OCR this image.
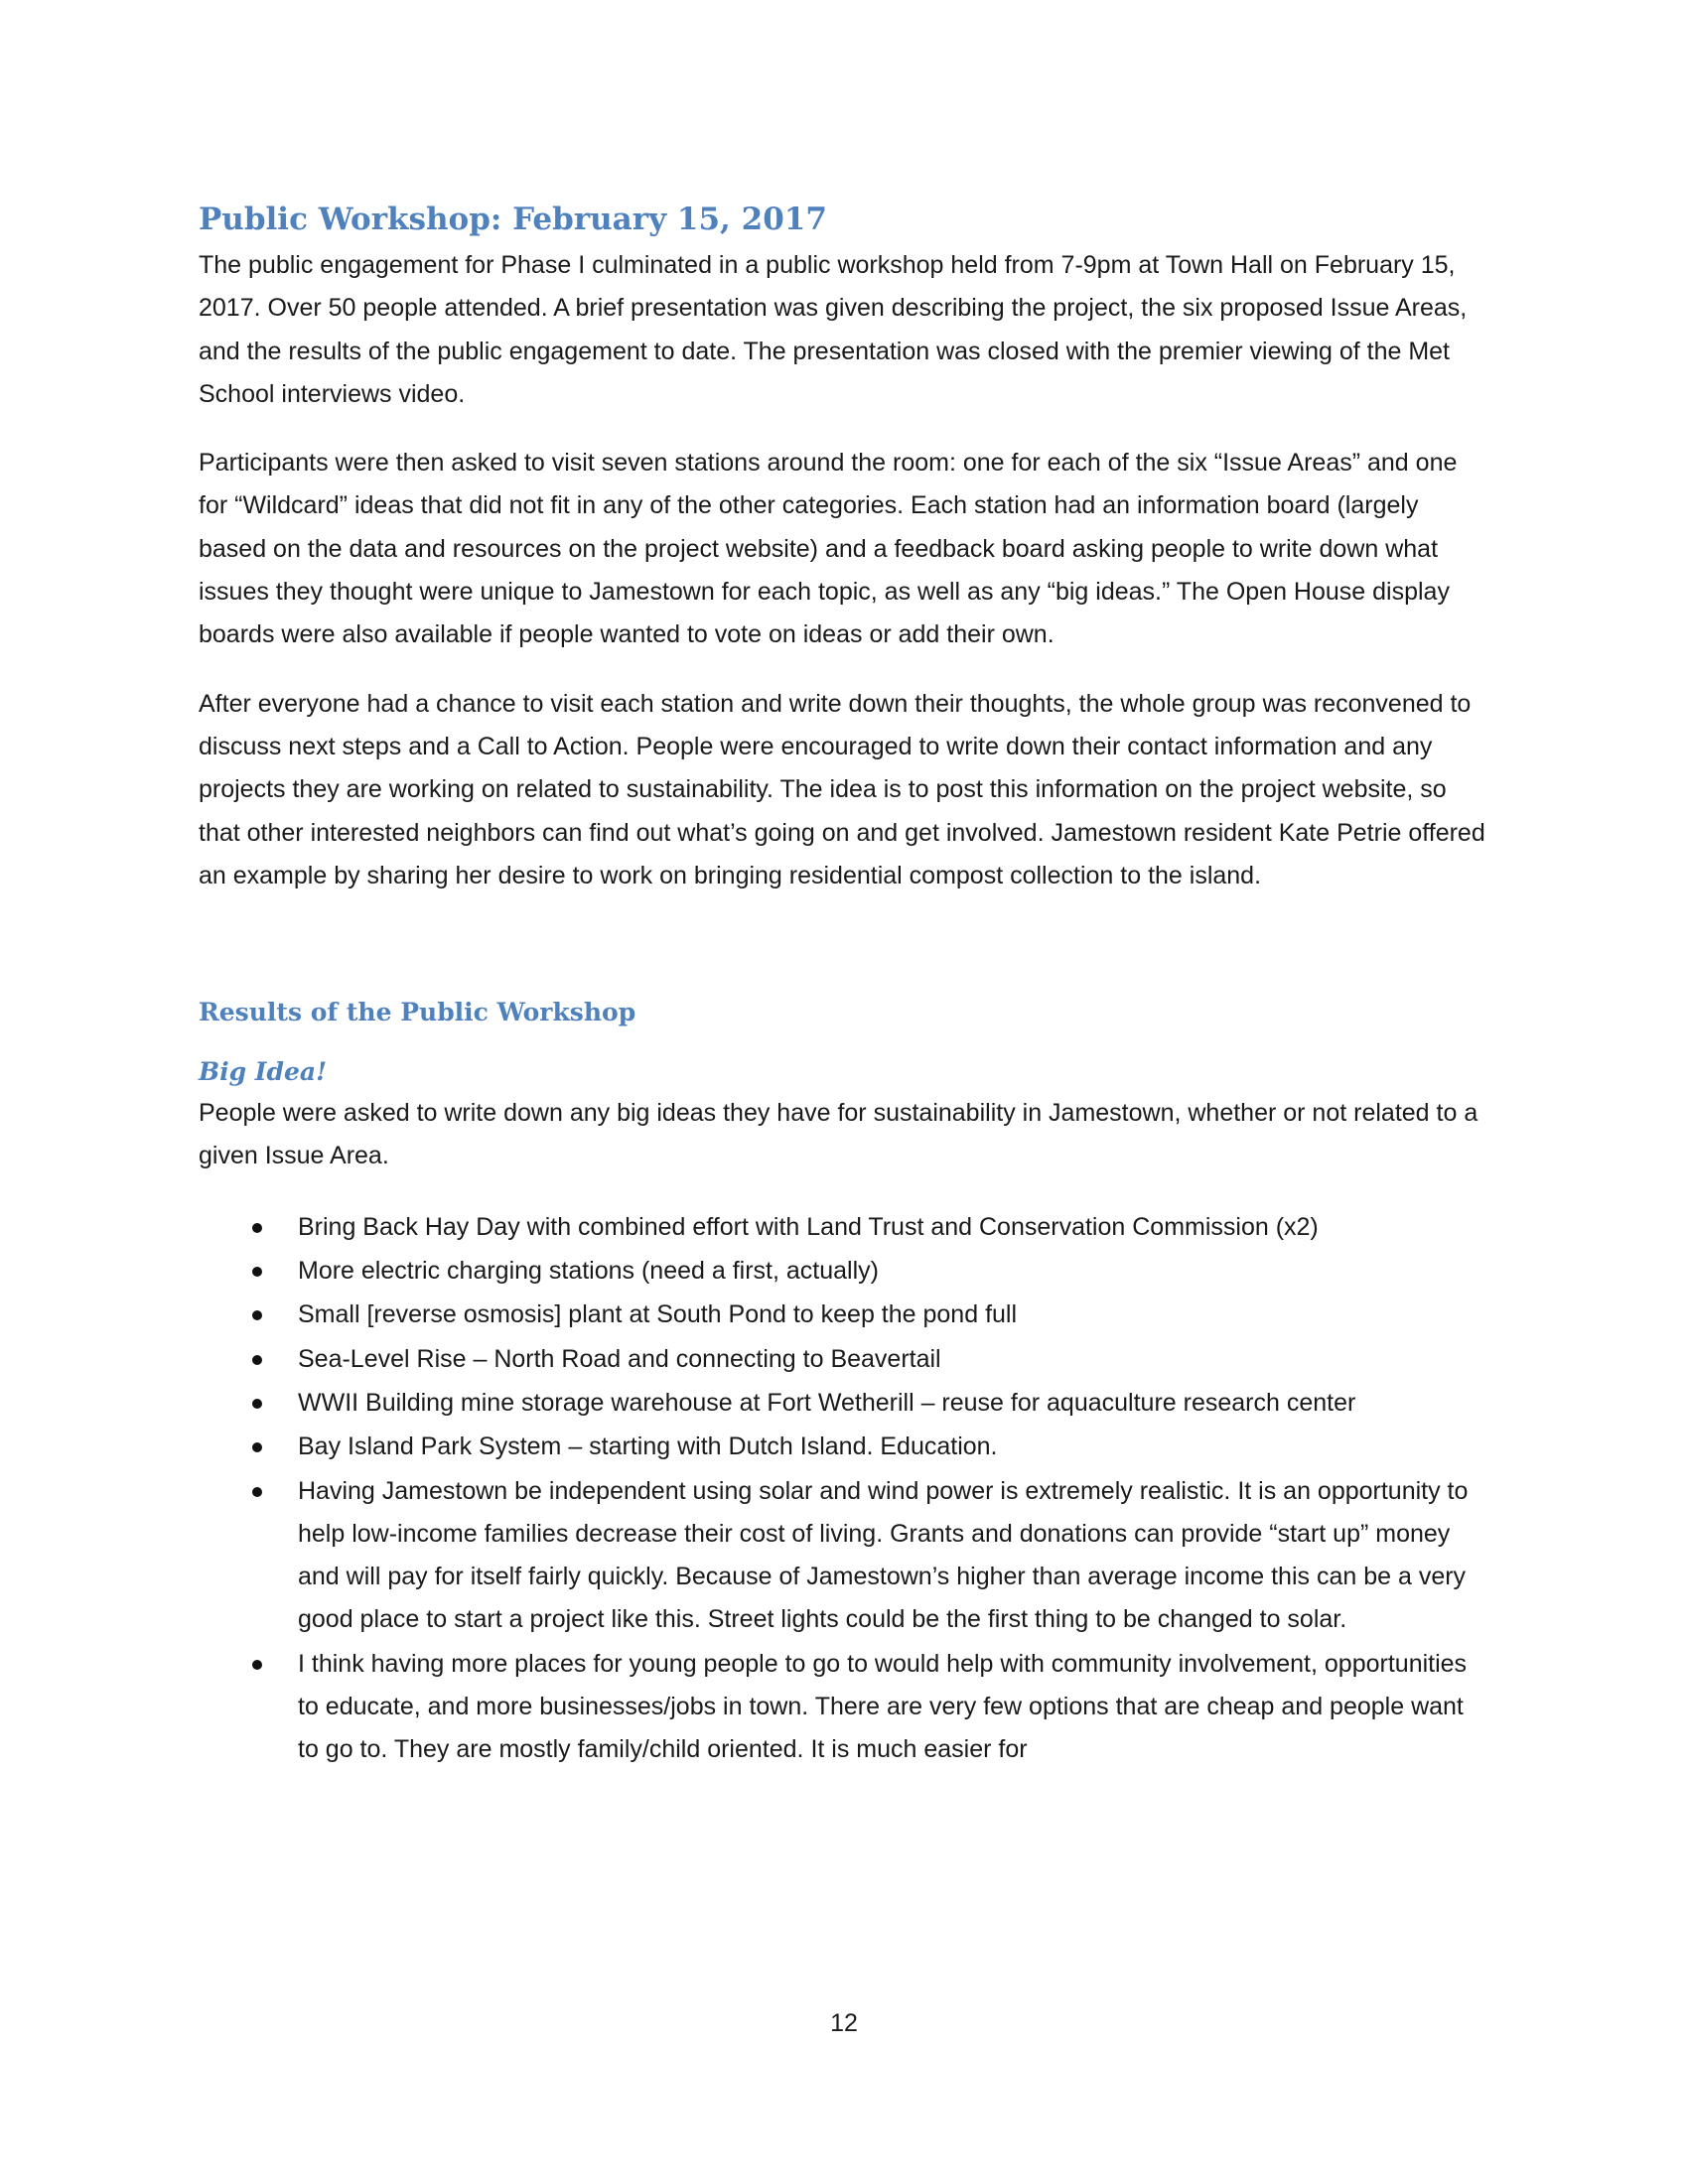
Public Workshop: February 15, 2017

The public engagement for Phase I culminated in a public workshop held from 7-9pm at Town Hall on February 15, 2017. Over 50 people attended. A brief presentation was given describing the project, the six proposed Issue Areas, and the results of the public engagement to date. The presentation was closed with the premier viewing of the Met School interviews video.

Participants were then asked to visit seven stations around the room: one for each of the six “Issue Areas” and one for “Wildcard” ideas that did not fit in any of the other categories. Each station had an information board (largely based on the data and resources on the project website) and a feedback board asking people to write down what issues they thought were unique to Jamestown for each topic, as well as any “big ideas.” The Open House display boards were also available if people wanted to vote on ideas or add their own.

After everyone had a chance to visit each station and write down their thoughts, the whole group was reconvened to discuss next steps and a Call to Action. People were encouraged to write down their contact information and any projects they are working on related to sustainability. The idea is to post this information on the project website, so that other interested neighbors can find out what’s going on and get involved. Jamestown resident Kate Petrie offered an example by sharing her desire to work on bringing residential compost collection to the island.

Results of the Public Workshop
Big Idea!

People were asked to write down any big ideas they have for sustainability in Jamestown, whether or not related to a given Issue Area.

Bring Back Hay Day with combined effort with Land Trust and Conservation Commission (x2)
More electric charging stations (need a first, actually)
Small [reverse osmosis] plant at South Pond to keep the pond full
Sea-Level Rise – North Road and connecting to Beavertail
WWII Building mine storage warehouse at Fort Wetherill – reuse for aquaculture research center
Bay Island Park System – starting with Dutch Island. Education.
Having Jamestown be independent using solar and wind power is extremely realistic. It is an opportunity to help low-income families decrease their cost of living. Grants and donations can provide “start up” money and will pay for itself fairly quickly. Because of Jamestown’s higher than average income this can be a very good place to start a project like this. Street lights could be the first thing to be changed to solar.
I think having more places for young people to go to would help with community involvement, opportunities to educate, and more businesses/jobs in town. There are very few options that are cheap and people want to go to. They are mostly family/child oriented. It is much easier for
12
